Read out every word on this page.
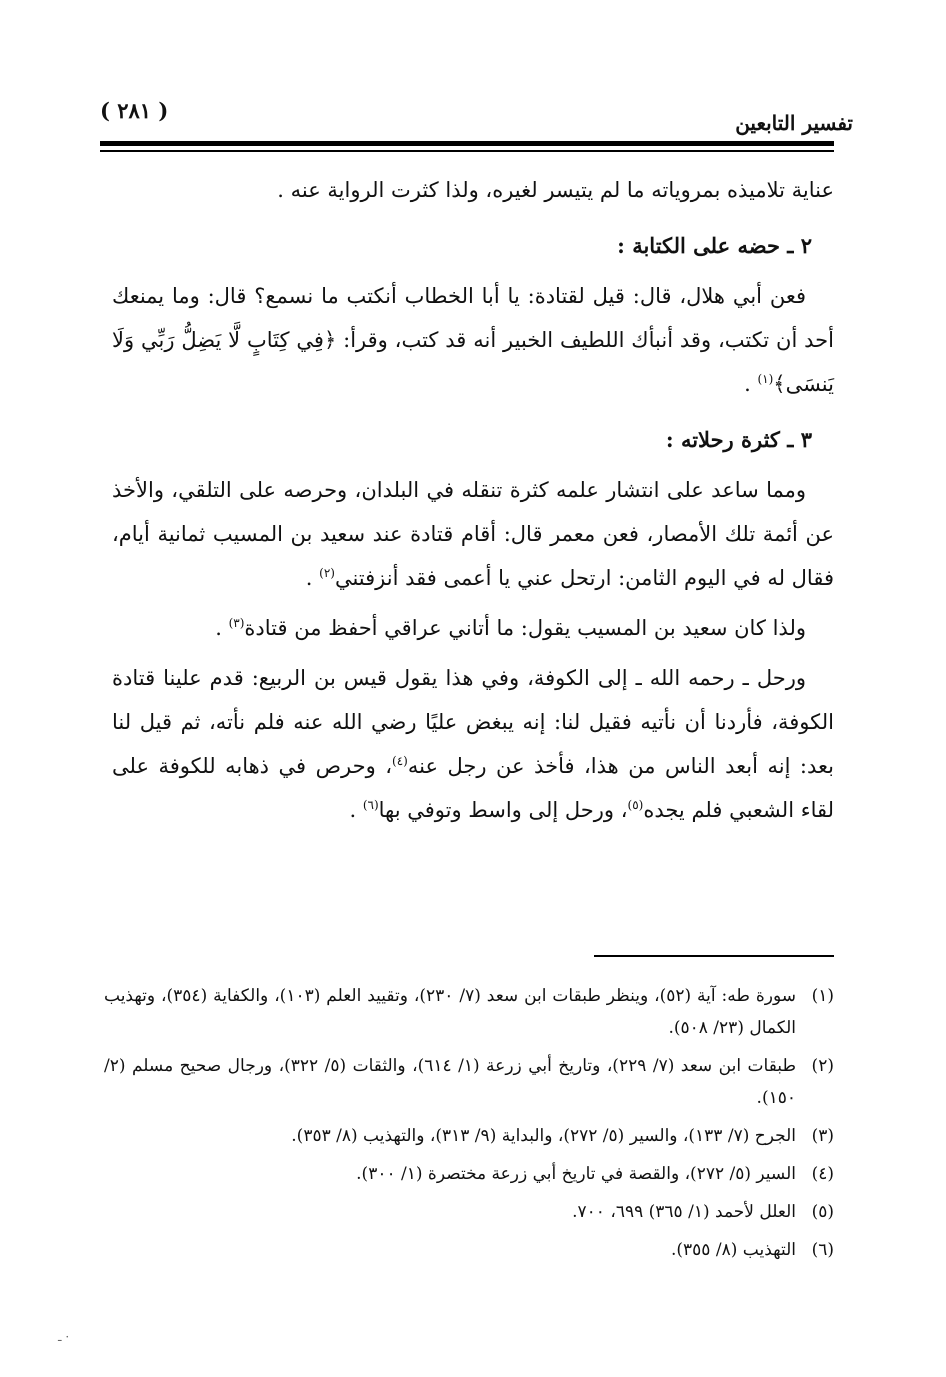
تفسير التابعين
( ٢٨١ )

عناية تلاميذه بمروياته ما لم يتيسر لغيره، ولذا كثرت الرواية عنه .

٢ ـ حضه على الكتابة :

فعن أبي هلال، قال: قيل لقتادة: يا أبا الخطاب أنكتب ما نسمع؟ قال: وما يمنعك أحد أن تكتب، وقد أنبأك اللطيف الخبير أنه قد كتب، وقرأ: ﴿فِي كِتَابٍ لَّا يَضِلُّ رَبِّي وَلَا يَنسَى﴾$^{(١)}$ .

٣ ـ كثرة رحلاته :

ومما ساعد على انتشار علمه كثرة تنقله في البلدان، وحرصه على التلقي، والأخذ عن أئمة تلك الأمصار، فعن معمر قال: أقام قتادة عند سعيد بن المسيب ثمانية أيام، فقال له في اليوم الثامن: ارتحل عني يا أعمى فقد أنزفتني$^{(٢)}$ .

ولذا كان سعيد بن المسيب يقول: ما أتاني عراقي أحفظ من قتادة$^{(٣)}$ .

ورحل ـ رحمه الله ـ إلى الكوفة، وفي هذا يقول قيس بن الربيع: قدم علينا قتادة الكوفة، فأردنا أن نأتيه فقيل لنا: إنه يبغض عليًا رضي الله عنه فلم نأته، ثم قيل لنا بعد: إنه أبعد الناس من هذا، فأخذ عن رجل عنه$^{(٤)}$، وحرص في ذهابه للكوفة على لقاء الشعبي فلم يجده$^{(٥)}$، ورحل إلى واسط وتوفي بها$^{(٦)}$ .

(١)سورة طه: آية (٥٢)، وينظر طبقات ابن سعد (٧/ ٢٣٠)، وتقييد العلم (١٠٣)، والكفاية (٣٥٤)، وتهذيب الكمال (٢٣/ ٥٠٨).

(٢)طبقات ابن سعد (٧/ ٢٢٩)، وتاريخ أبي زرعة (١/ ٦١٤)، والثقات (٥/ ٣٢٢)، ورجال صحيح مسلم (٢/ ١٥٠).

(٣)الجرح (٧/ ١٣٣)، والسير (٥/ ٢٧٢)، والبداية (٩/ ٣١٣)، والتهذيب (٨/ ٣٥٣).

(٤)السير (٥/ ٢٧٢)، والقصة في تاريخ أبي زرعة مختصرة (١/ ٣٠٠).

(٥)العلل لأحمد (١/ ٣٦٥) ٦٩٩، ٧٠٠.

(٦)التهذيب (٨/ ٣٥٥).

ـ ·
